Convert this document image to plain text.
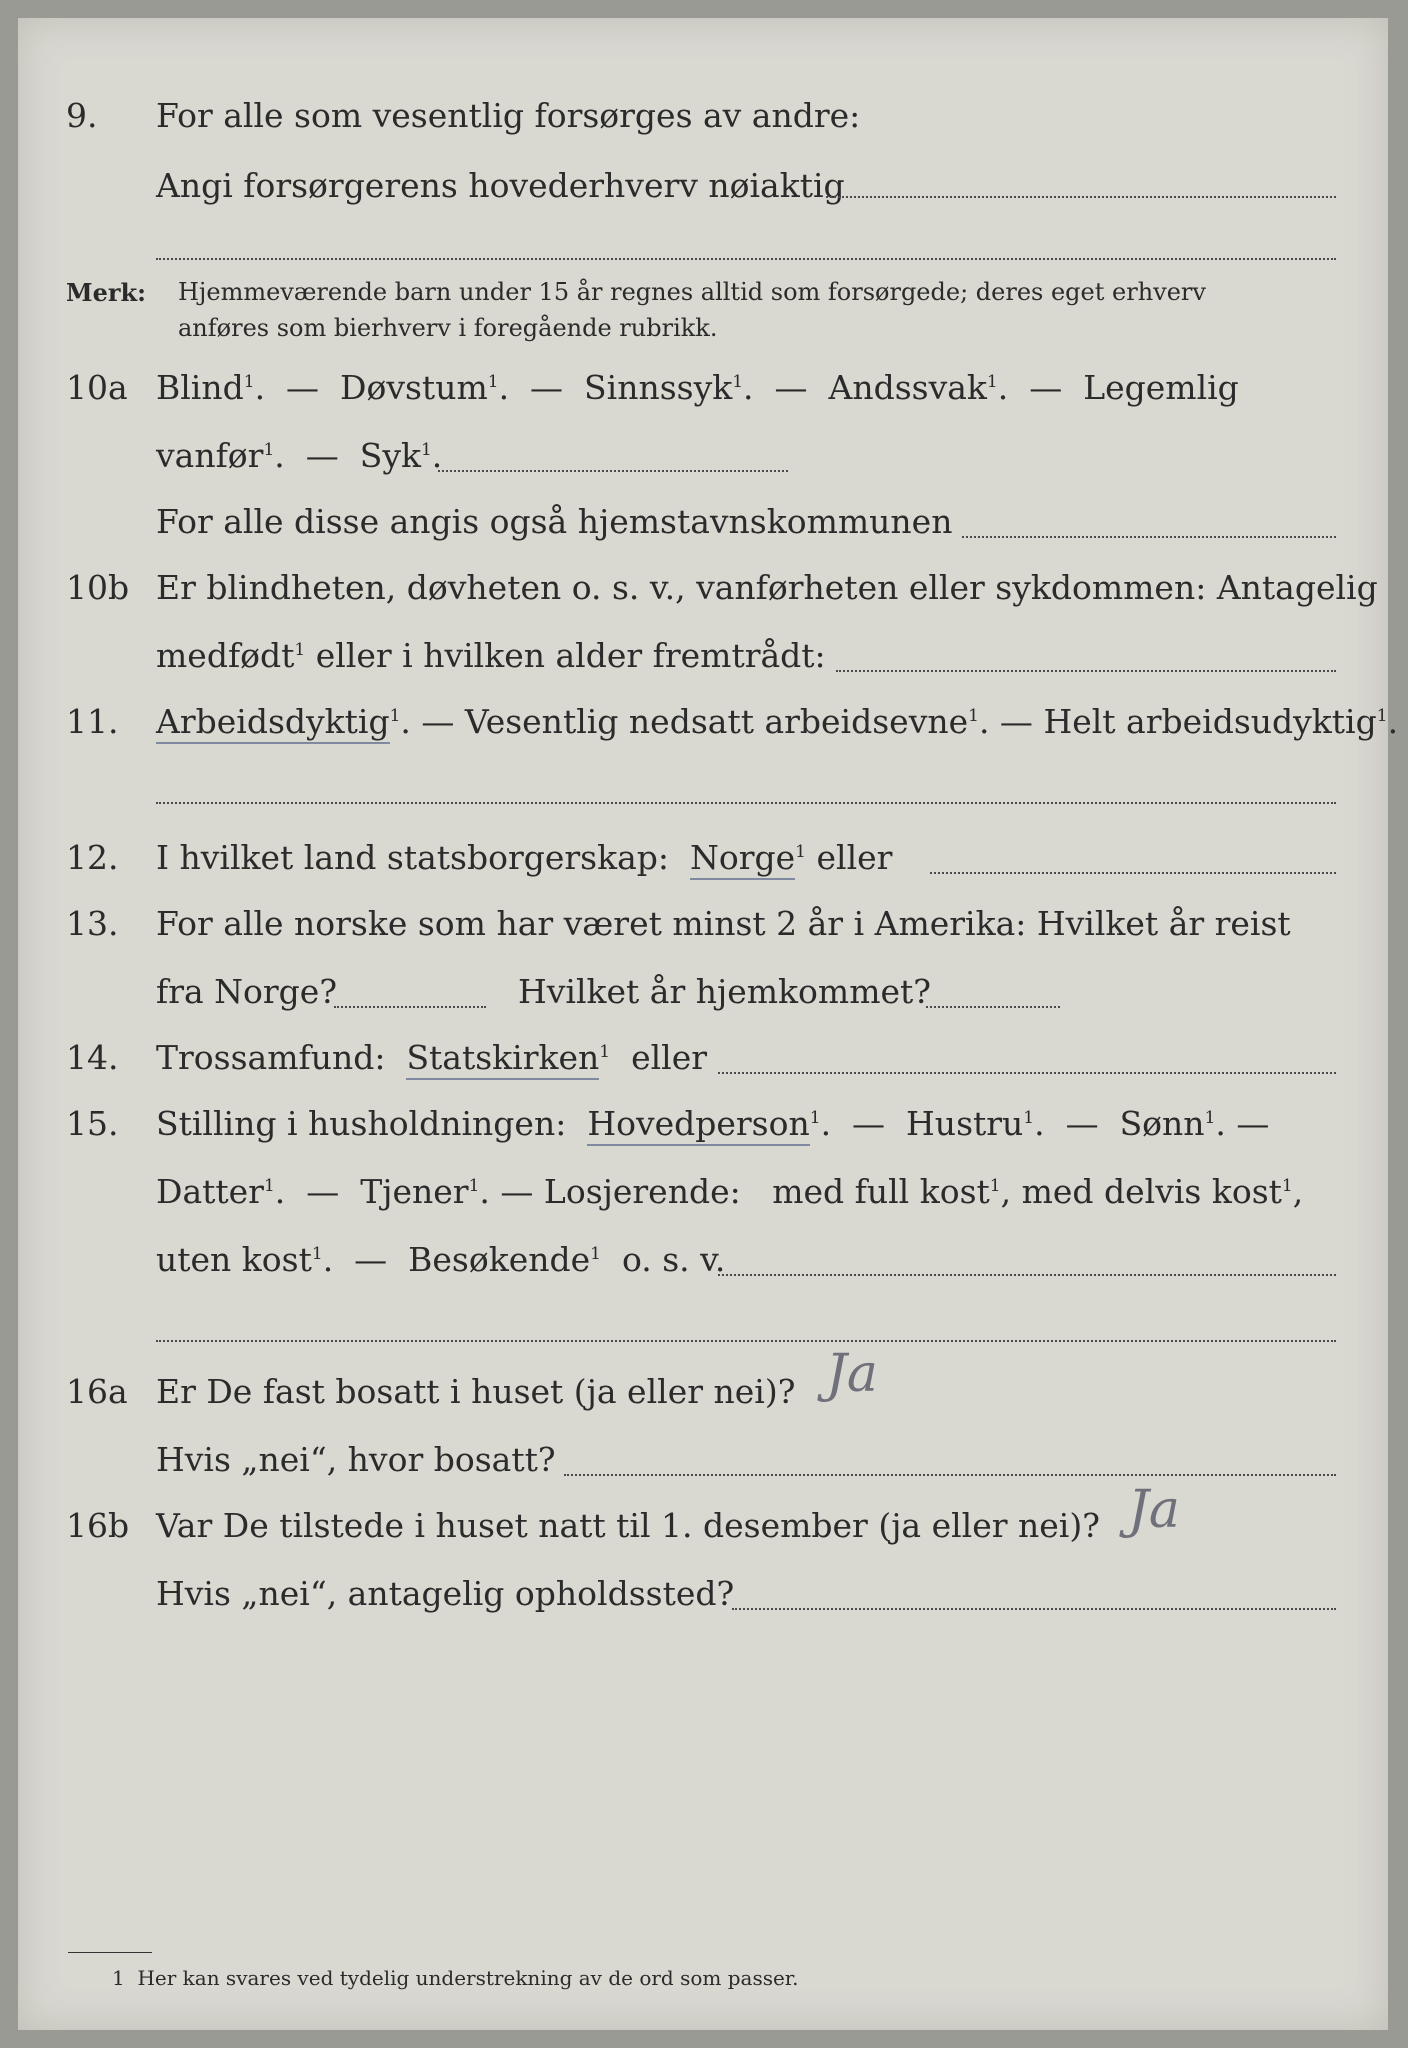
9. For alle som vesentlig forsørges av andre:
Angi forsørgerens hovederhverv nøiaktig
Merk: Hjemmeværende barn under 15 år regnes alltid som forsørgede; deres eget erhverv
anføres som bierhverv i foregående rubrikk.
10a Blind$^1$.  —  Døvstum$^1$.  —  Sinnssyk$^1$.  —  Andssvak$^1$.  —  Legemlig
vanfør$^1$.  —  Syk$^1$.
For alle disse angis også hjemstavnskommunen
10b Er blindheten, døvheten o. s. v., vanførheten eller sykdommen: Antagelig
medfødt$^1$ eller i hvilken alder fremtrådt:
11. Arbeidsdyktig$^1$. — Vesentlig nedsatt arbeidsevne$^1$. — Helt arbeidsudyktig$^1$.
12. I hvilket land statsborgerskap: Norge$^1$ eller
13. For alle norske som har været minst 2 år i Amerika: Hvilket år reist
fra Norge?	Hvilket år hjemkommet?
14. Trossamfund: Statskirken$^1$ eller
15. Stilling i husholdningen: Hovedperson$^1$.  —  Hustru$^1$.  —  Sønn$^1$. —
Datter$^1$.  —  Tjener$^1$. — Losjerende: med full kost$^1$, med delvis kost$^1$,
uten kost$^1$.  —  Besøkende$^1$ o. s. v.
16a Er De fast bosatt i huset (ja eller nei)? Ja
Hvis „nei“, hvor bosatt?
16b Var De tilstede i huset natt til 1. desember (ja eller nei)? Ja
Hvis „nei“, antagelig opholdssted?
1 Her kan svares ved tydelig understrekning av de ord som passer.
